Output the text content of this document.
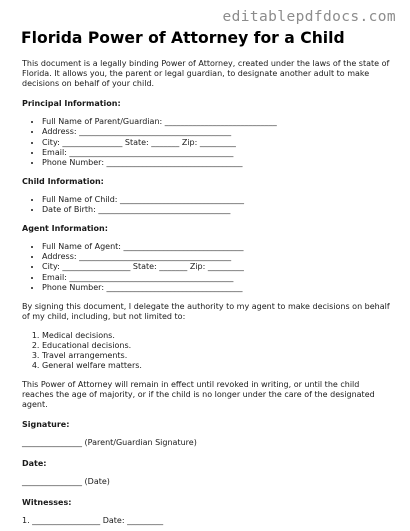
editablepdfdocs.com
Florida Power of Attorney for a Child

This document is a legally binding Power of Attorney, created under the laws of the state of Florida. It allows you, the parent or legal guardian, to designate another adult to make decisions on behalf of your child.

Principal Information:

• Full Name of Parent/Guardian: ____________________________
• Address: ______________________________________
• City: _______________ State: _______ Zip: _________
• Email: _________________________________________
• Phone Number: __________________________________

Child Information:

• Full Name of Child: _______________________________
• Date of Birth: _________________________________

Agent Information:

• Full Name of Agent: ______________________________
• Address: ______________________________________
• City: _________________ State: _______ Zip: _________
• Email: _________________________________________
• Phone Number: __________________________________

By signing this document, I delegate the authority to my agent to make decisions on behalf of my child, including, but not limited to:

1. Medical decisions.
2. Educational decisions.
3. Travel arrangements.
4. General welfare matters.

This Power of Attorney will remain in effect until revoked in writing, or until the child reaches the age of majority, or if the child is no longer under the care of the designated agent.

Signature:

_______________ (Parent/Guardian Signature)

Date:

_______________ (Date)

Witnesses:

1. _________________ Date: _________
